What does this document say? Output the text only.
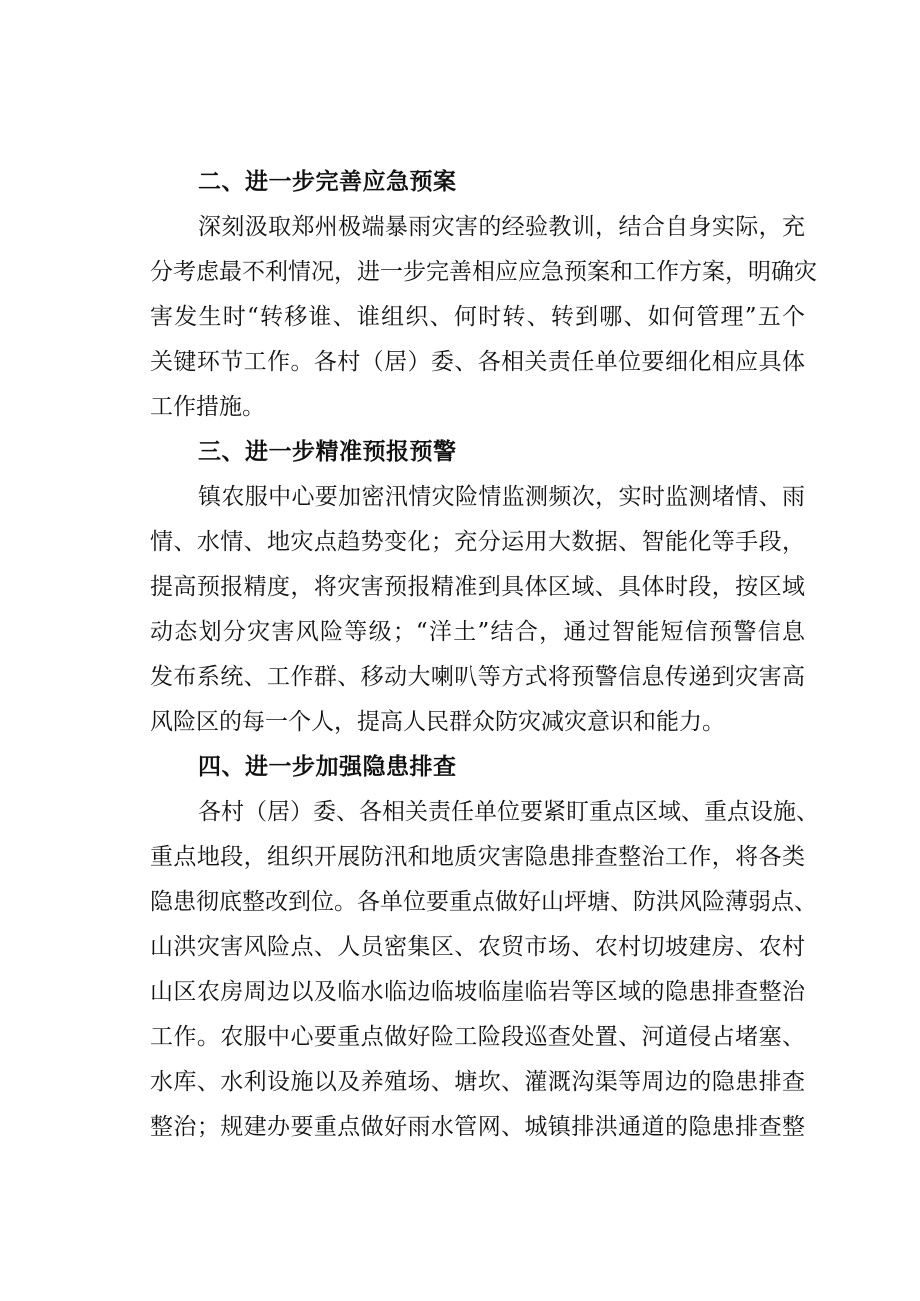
二、进一步完善应急预案
深刻汲取郑州极端暴雨灾害的经验教训，结合自身实际，充
分考虑最不利情况，进一步完善相应应急预案和工作方案，明确灾
害发生时“转移谁、谁组织、何时转、转到哪、如何管理”五个
关键环节工作。各村（居）委、各相关责任单位要细化相应具体
工作措施。
三、进一步精准预报预警
镇农服中心要加密汛情灾险情监测频次，实时监测堵情、雨
情、水情、地灾点趋势变化；充分运用大数据、智能化等手段，
提高预报精度，将灾害预报精准到具体区域、具体时段，按区域
动态划分灾害风险等级；“洋土”结合，通过智能短信预警信息
发布系统、工作群、移动大喇叭等方式将预警信息传递到灾害高
风险区的每一个人，提高人民群众防灾减灾意识和能力。
四、进一步加强隐患排查
各村（居）委、各相关责任单位要紧盯重点区域、重点设施、
重点地段，组织开展防汛和地质灾害隐患排查整治工作，将各类
隐患彻底整改到位。各单位要重点做好山坪塘、防洪风险薄弱点、
山洪灾害风险点、人员密集区、农贸市场、农村切坡建房、农村
山区农房周边以及临水临边临坡临崖临岩等区域的隐患排查整治
工作。农服中心要重点做好险工险段巡查处置、河道侵占堵塞、
水库、水利设施以及养殖场、塘坎、灌溉沟渠等周边的隐患排查
整治；规建办要重点做好雨水管网、城镇排洪通道的隐患排查整
